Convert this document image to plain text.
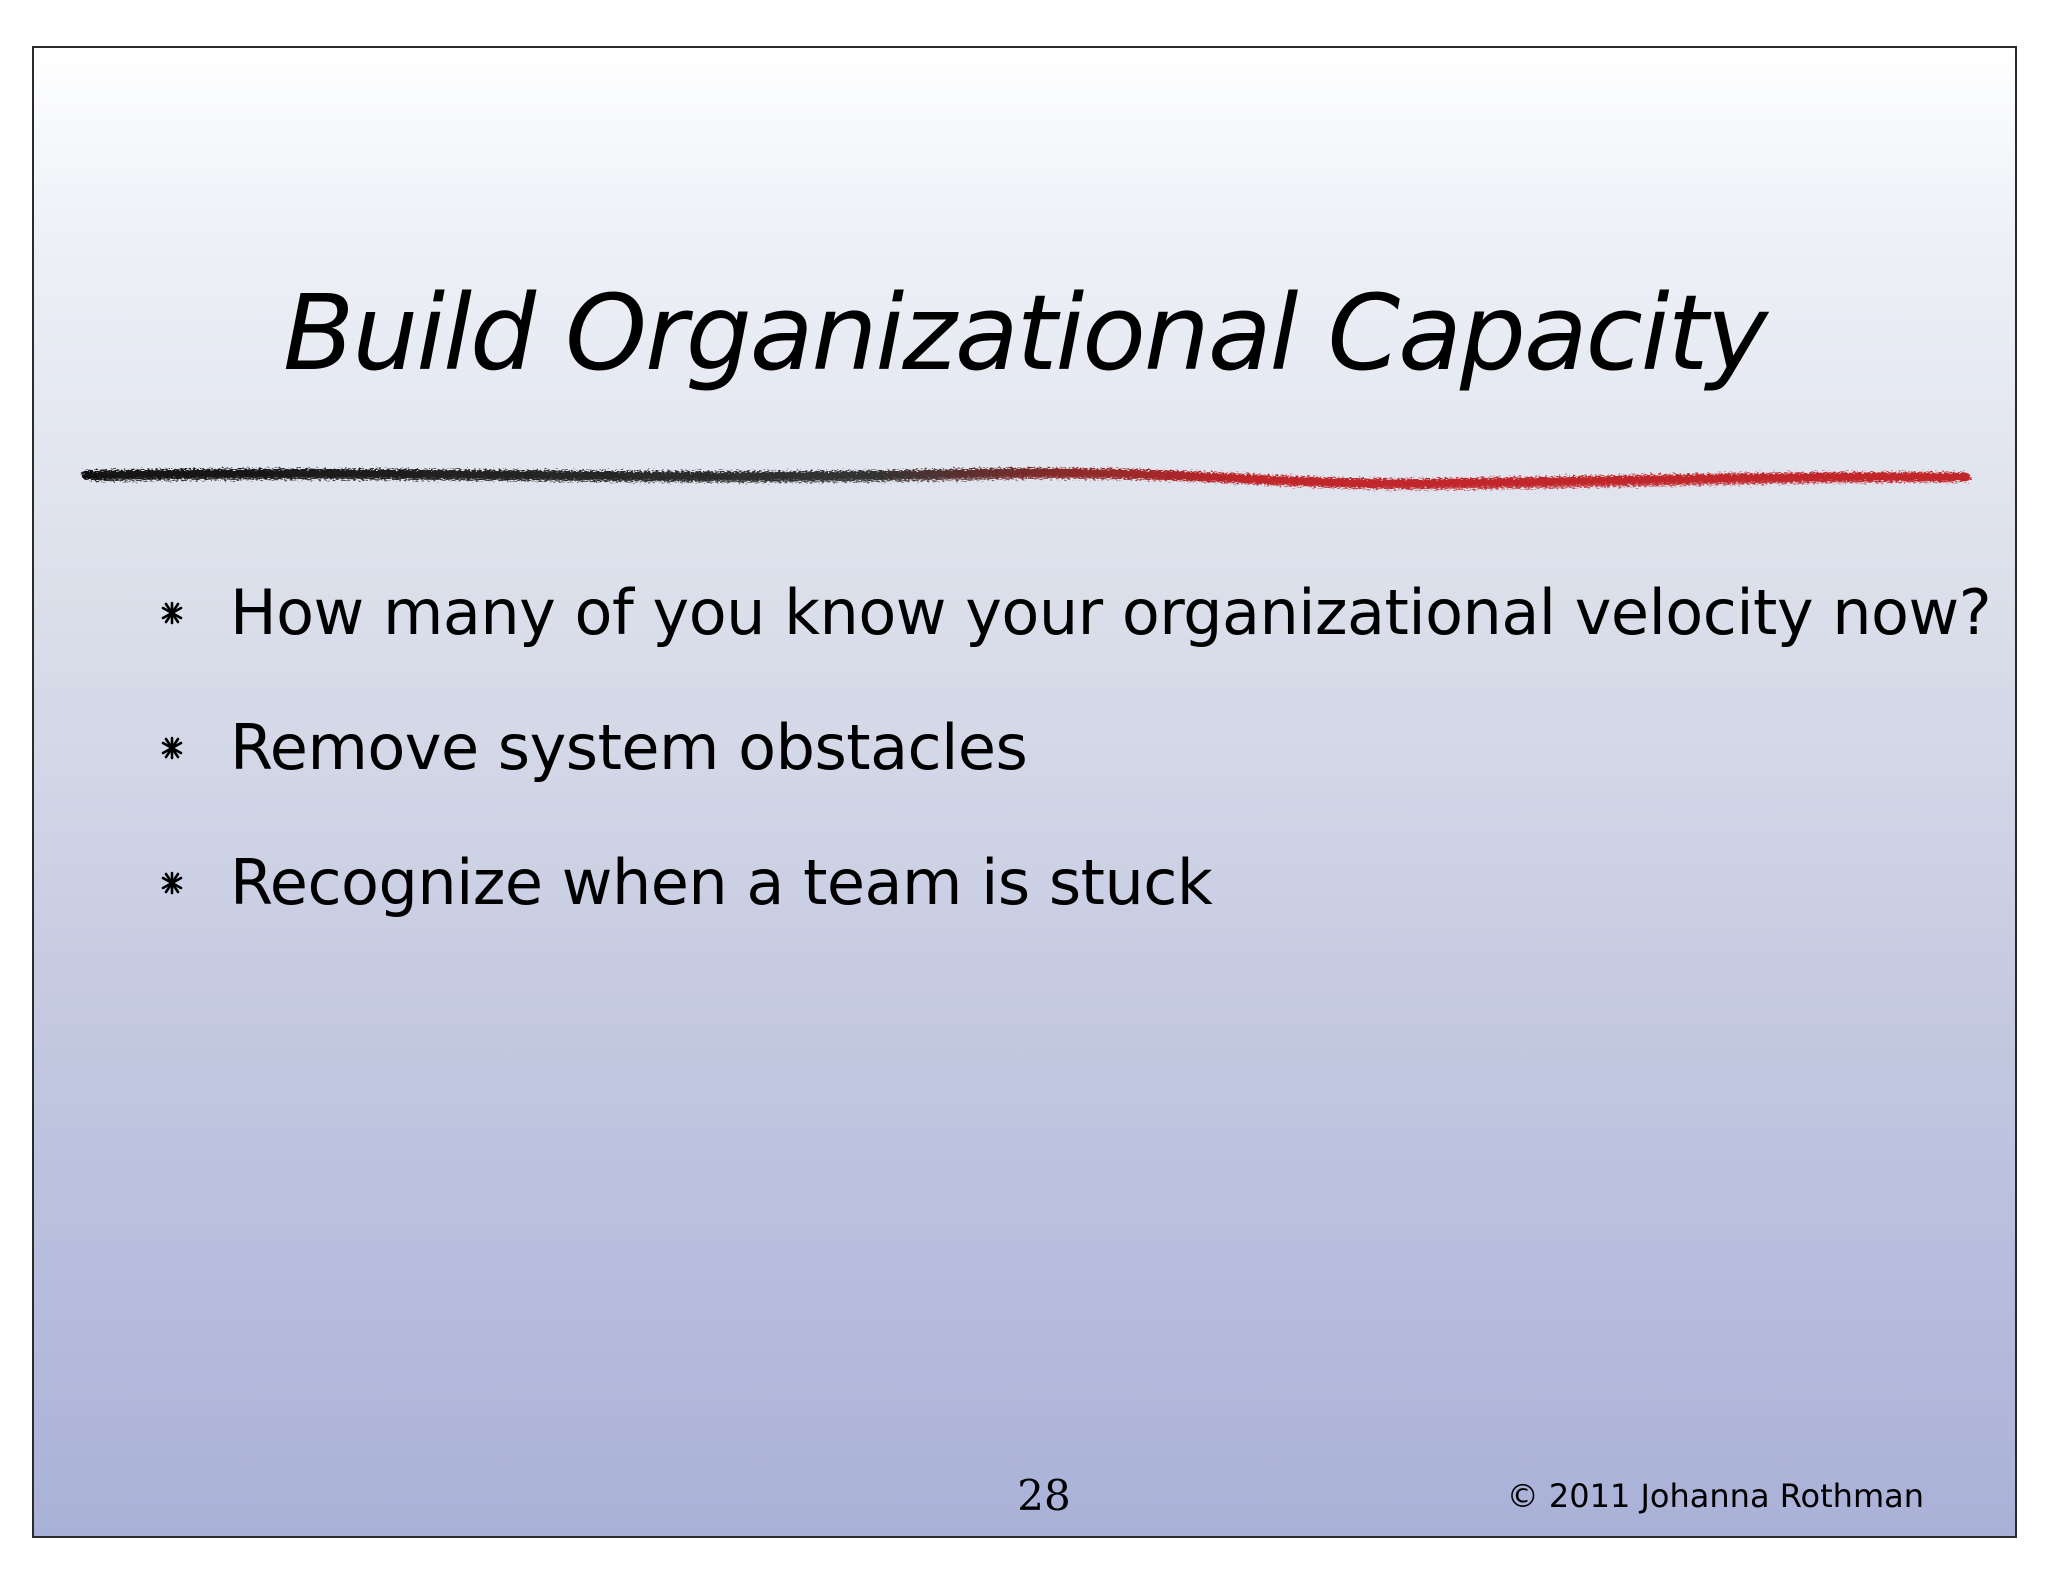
Build Organizational Capacity
How many of you know your organizational velocity now?
Remove system obstacles
Recognize when a team is stuck
28	© 2011 Johanna Rothman
